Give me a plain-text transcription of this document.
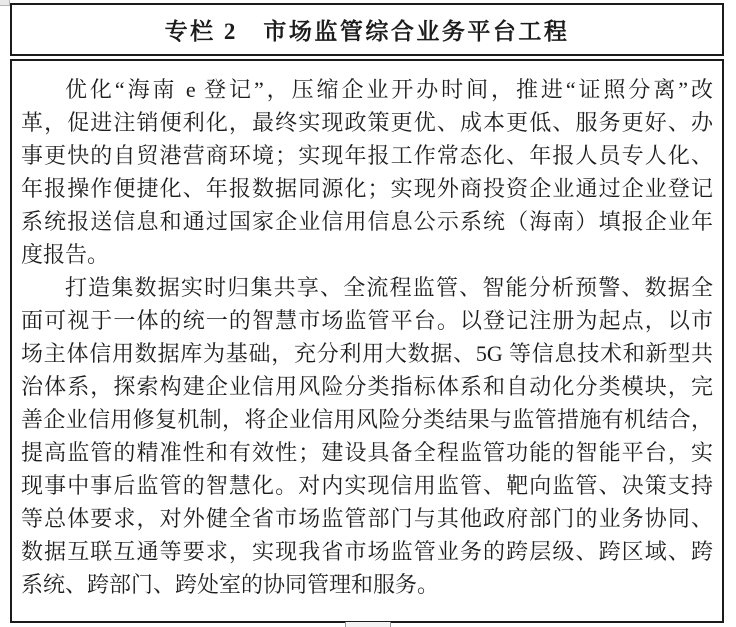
专栏 2　市场监管综合业务平台工程
优化“海南 e 登记”，压缩企业开办时间，推进“证照分离”改
革，促进注销便利化，最终实现政策更优、成本更低、服务更好、办
事更快的自贸港营商环境；实现年报工作常态化、年报人员专人化、
年报操作便捷化、年报数据同源化；实现外商投资企业通过企业登记
系统报送信息和通过国家企业信用信息公示系统（海南）填报企业年
度报告。
打造集数据实时归集共享、全流程监管、智能分析预警、数据全
面可视于一体的统一的智慧市场监管平台。以登记注册为起点，以市
场主体信用数据库为基础，充分利用大数据、5G 等信息技术和新型共
治体系，探索构建企业信用风险分类指标体系和自动化分类模块，完
善企业信用修复机制，将企业信用风险分类结果与监管措施有机结合，
提高监管的精准性和有效性；建设具备全程监管功能的智能平台，实
现事中事后监管的智慧化。对内实现信用监管、靶向监管、决策支持
等总体要求，对外健全省市场监管部门与其他政府部门的业务协同、
数据互联互通等要求，实现我省市场监管业务的跨层级、跨区域、跨
系统、跨部门、跨处室的协同管理和服务。
